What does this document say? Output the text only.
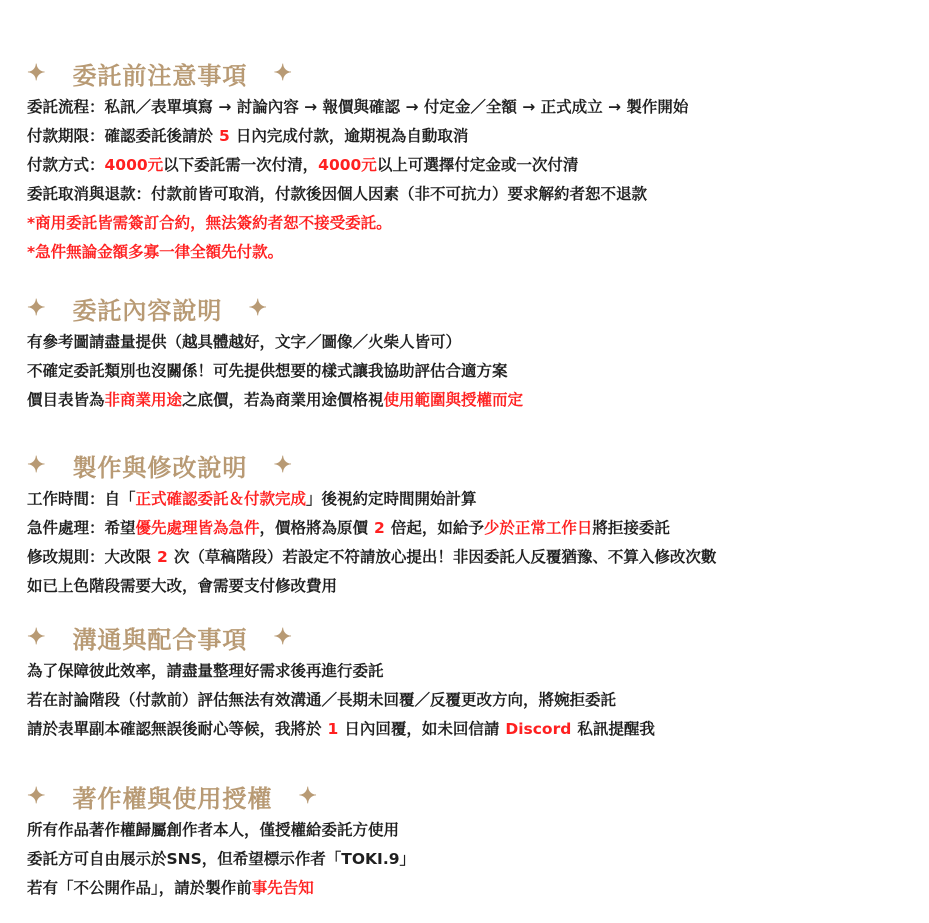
✦ 委託前注意事項 ✦
委託流程：私訊／表單填寫 → 討論內容 → 報價與確認 → 付定金／全額 → 正式成立 → 製作開始
付款期限：確認委託後請於 5 日內完成付款，逾期視為自動取消
付款方式：4000元以下委託需一次付清，4000元以上可選擇付定金或一次付清
委託取消與退款：付款前皆可取消，付款後因個人因素（非不可抗力）要求解約者恕不退款
*商用委託皆需簽訂合約，無法簽約者恕不接受委託。
*急件無論金額多寡一律全額先付款。
✦ 委託內容說明 ✦
有參考圖請盡量提供（越具體越好，文字／圖像／火柴人皆可）
不確定委託類別也沒關係！可先提供想要的樣式讓我協助評估合適方案
價目表皆為非商業用途之底價，若為商業用途價格視使用範圍與授權而定
✦ 製作與修改說明 ✦
工作時間：自「正式確認委託＆付款完成」後視約定時間開始計算
急件處理：希望優先處理皆為急件，價格將為原價 2 倍起，如給予少於正常工作日將拒接委託
修改規則：大改限 2 次（草稿階段）若設定不符請放心提出！非因委託人反覆猶豫、不算入修改次數
如已上色階段需要大改，會需要支付修改費用
✦ 溝通與配合事項 ✦
為了保障彼此效率，請盡量整理好需求後再進行委託
若在討論階段（付款前）評估無法有效溝通／長期未回覆／反覆更改方向，將婉拒委託
請於表單副本確認無誤後耐心等候，我將於 1 日內回覆，如未回信請 Discord 私訊提醒我
✦ 著作權與使用授權 ✦
所有作品著作權歸屬創作者本人，僅授權給委託方使用
委託方可自由展示於SNS，但希望標示作者「TOKI.9」
若有「不公開作品」，請於製作前事先告知
